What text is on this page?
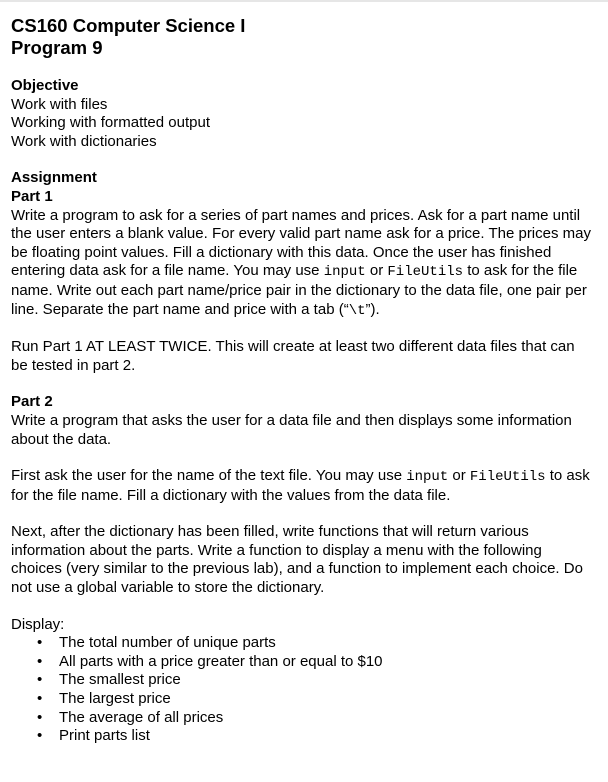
CS160 Computer Science I
Program 9
Objective
Work with files
Working with formatted output
Work with dictionaries
Assignment
Part 1

Write a program to ask for a series of part names and prices. Ask for a part name until the user enters a blank value. For every valid part name ask for a price. The prices may be floating point values. Fill a dictionary with this data. Once the user has finished entering data ask for a file name. You may use input or FileUtils to ask for the file name. Write out each part name/price pair in the dictionary to the data file, one pair per line. Separate the part name and price with a tab (“\t”).

Run Part 1 AT LEAST TWICE. This will create at least two different data files that can be tested in part 2.

Part 2

Write a program that asks the user for a data file and then displays some information about the data.

First ask the user for the name of the text file. You may use input or FileUtils to ask for the file name. Fill a dictionary with the values from the data file.

Next, after the dictionary has been filled, write functions that will return various information about the parts. Write a function to display a menu with the following choices (very similar to the previous lab), and a function to implement each choice. Do not use a global variable to store the dictionary.

Display:
• The total number of unique parts
• All parts with a price greater than or equal to $10
• The smallest price
• The largest price
• The average of all prices
• Print parts list
